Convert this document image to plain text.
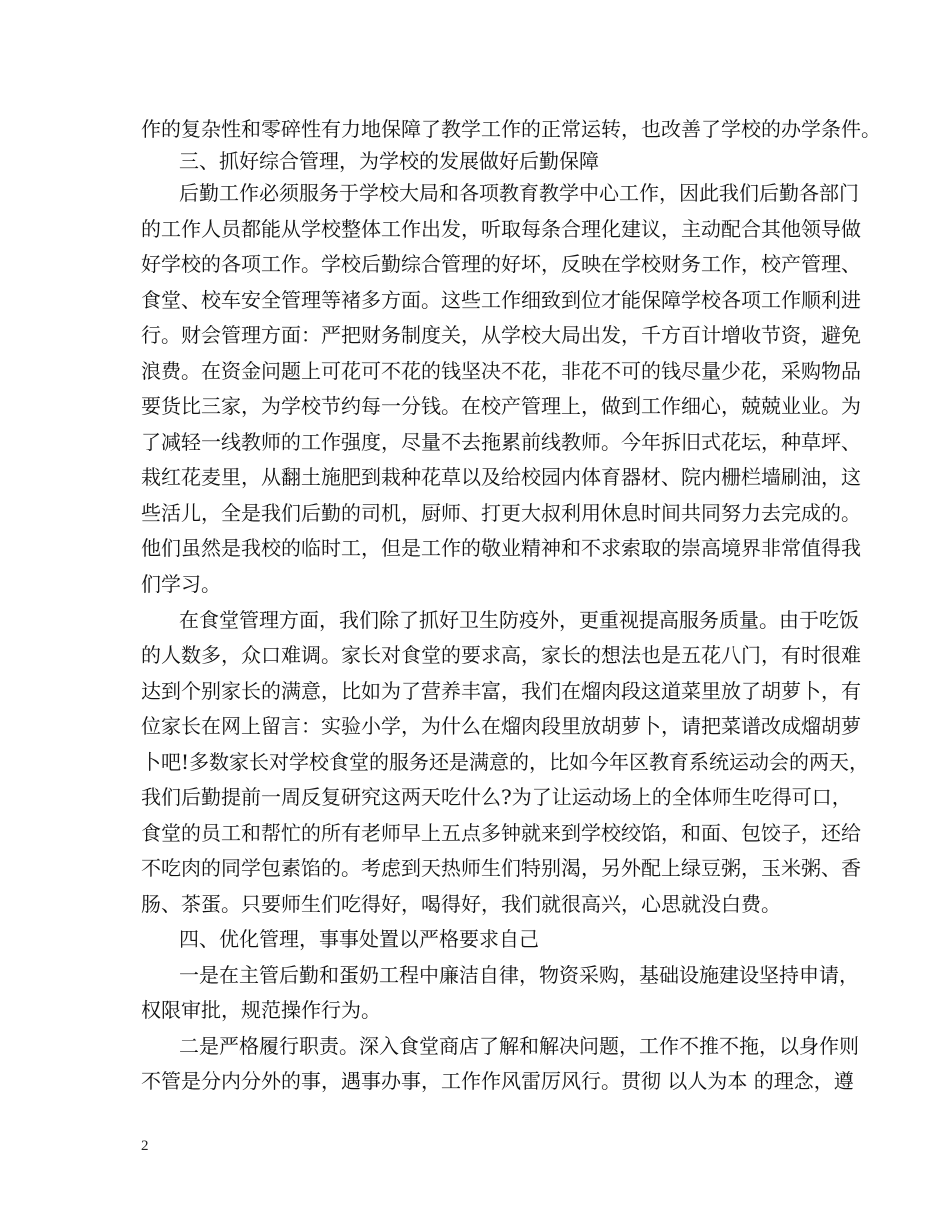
作的复杂性和零碎性有力地保障了教学工作的正常运转，也改善了学校的办学条件。
三、抓好综合管理，为学校的发展做好后勤保障
后勤工作必须服务于学校大局和各项教育教学中心工作，因此我们后勤各部门
的工作人员都能从学校整体工作出发，听取每条合理化建议，主动配合其他领导做
好学校的各项工作。学校后勤综合管理的好坏，反映在学校财务工作，校产管理、
食堂、校车安全管理等褚多方面。这些工作细致到位才能保障学校各项工作顺利进
行。财会管理方面：严把财务制度关，从学校大局出发，千方百计增收节资，避免
浪费。在资金问题上可花可不花的钱坚决不花，非花不可的钱尽量少花，采购物品
要货比三家，为学校节约每一分钱。在校产管理上，做到工作细心，兢兢业业。为
了减轻一线教师的工作强度，尽量不去拖累前线教师。今年拆旧式花坛，种草坪、
栽红花麦里，从翻土施肥到栽种花草以及给校园内体育器材、院内栅栏墙刷油，这
些活儿，全是我们后勤的司机，厨师、打更大叔利用休息时间共同努力去完成的。
他们虽然是我校的临时工，但是工作的敬业精神和不求索取的崇高境界非常值得我
们学习。
在食堂管理方面，我们除了抓好卫生防疫外，更重视提高服务质量。由于吃饭
的人数多，众口难调。家长对食堂的要求高，家长的想法也是五花八门，有时很难
达到个别家长的满意，比如为了营养丰富，我们在熘肉段这道菜里放了胡萝卜，有
位家长在网上留言：实验小学，为什么在熘肉段里放胡萝卜，请把菜谱改成熘胡萝
卜吧!多数家长对学校食堂的服务还是满意的，比如今年区教育系统运动会的两天，
我们后勤提前一周反复研究这两天吃什么?为了让运动场上的全体师生吃得可口，
食堂的员工和帮忙的所有老师早上五点多钟就来到学校绞馅，和面、包饺子，还给
不吃肉的同学包素馅的。考虑到天热师生们特别渴，另外配上绿豆粥，玉米粥、香
肠、茶蛋。只要师生们吃得好，喝得好，我们就很高兴，心思就没白费。
四、优化管理，事事处置以严格要求自己
一是在主管后勤和蛋奶工程中廉洁自律，物资采购，基础设施建设坚持申请，
权限审批，规范操作行为。
二是严格履行职责。深入食堂商店了解和解决问题，工作不推不拖，以身作则
不管是分内分外的事，遇事办事，工作作风雷厉风行。贯彻 以人为本 的理念，遵
2
